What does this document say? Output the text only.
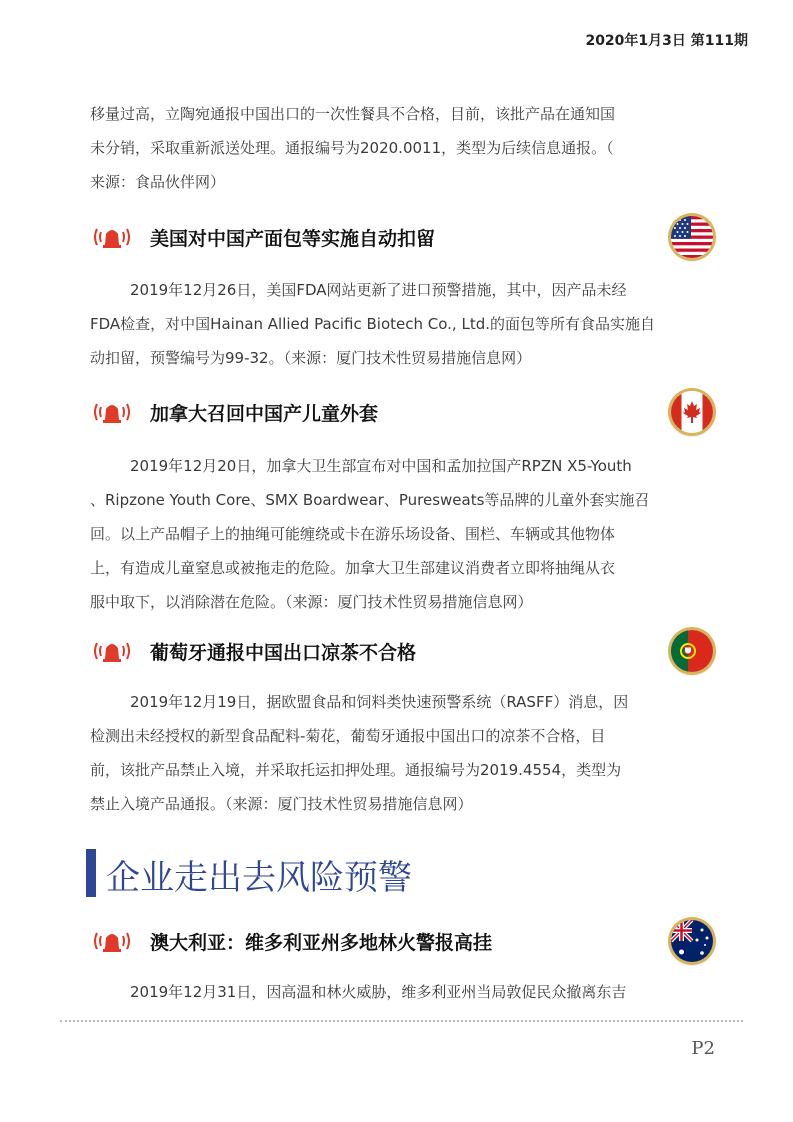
2020年1月3日 第111期
移量过高，立陶宛通报中国出口的一次性餐具不合格，目前，该批产品在通知国
未分销，采取重新派送处理。通报编号为2020.0011，类型为后续信息通报。（
来源：食品伙伴网）
美国对中国产面包等实施自动扣留
2019年12月26日，美国FDA网站更新了进口预警措施，其中，因产品未经
FDA检查，对中国Hainan Allied Pacific Biotech Co., Ltd.的面包等所有食品实施自
动扣留，预警编号为99-32。（来源：厦门技术性贸易措施信息网）
加拿大召回中国产儿童外套
2019年12月20日，加拿大卫生部宣布对中国和孟加拉国产RPZN X5-Youth
、Ripzone Youth Core、SMX Boardwear、Puresweats等品牌的儿童外套实施召
回。以上产品帽子上的抽绳可能缠绕或卡在游乐场设备、围栏、车辆或其他物体
上，有造成儿童窒息或被拖走的危险。加拿大卫生部建议消费者立即将抽绳从衣
服中取下，以消除潜在危险。（来源：厦门技术性贸易措施信息网）
葡萄牙通报中国出口凉茶不合格
2019年12月19日，据欧盟食品和饲料类快速预警系统（RASFF）消息，因
检测出未经授权的新型食品配料-菊花，葡萄牙通报中国出口的凉茶不合格，目
前，该批产品禁止入境，并采取托运扣押处理。通报编号为2019.4554，类型为
禁止入境产品通报。（来源：厦门技术性贸易措施信息网）
企业走出去风险预警
澳大利亚：维多利亚州多地林火警报高挂
2019年12月31日，因高温和林火威胁，维多利亚州当局敦促民众撤离东吉
P2
